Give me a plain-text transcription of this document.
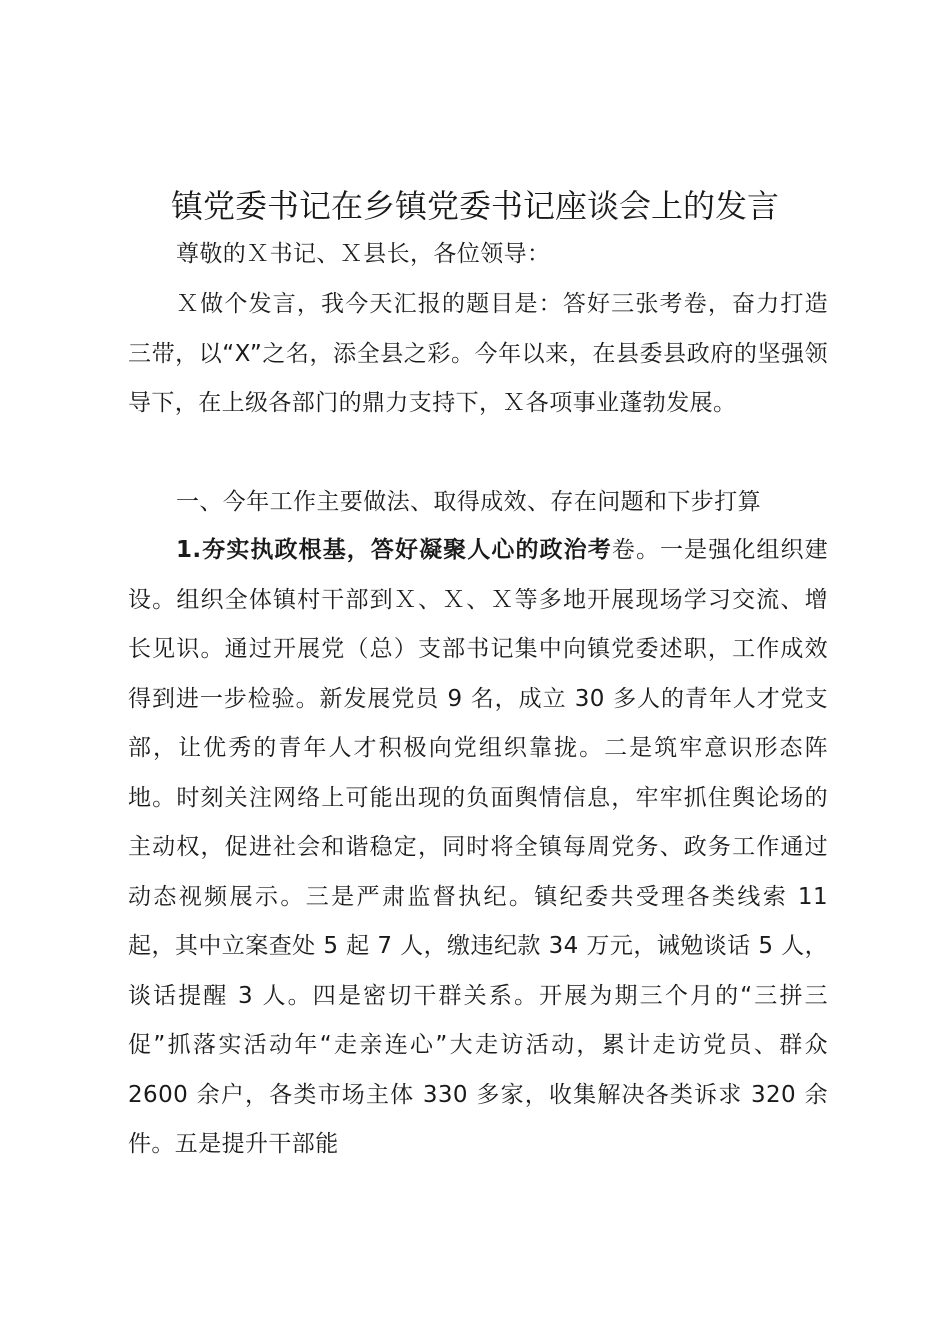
镇党委书记在乡镇党委书记座谈会上的发言
尊敬的Ｘ书记、Ｘ县长，各位领导：
Ｘ做个发言，我今天汇报的题目是：答好三张考卷，奋力打造三带，以“X”之名，添全县之彩。今年以来，在县委县政府的坚强领导下，在上级各部门的鼎力支持下，Ｘ各项事业蓬勃发展。
一、今年工作主要做法、取得成效、存在问题和下步打算
1.夯实执政根基，答好凝聚人心的政治考卷。一是强化组织建设。组织全体镇村干部到Ｘ、Ｘ、Ｘ等多地开展现场学习交流、增长见识。通过开展党（总）支部书记集中向镇党委述职，工作成效得到进一步检验。新发展党员 9 名，成立 30 多人的青年人才党支部，让优秀的青年人才积极向党组织靠拢。二是筑牢意识形态阵地。时刻关注网络上可能出现的负面舆情信息，牢牢抓住舆论场的主动权，促进社会和谐稳定，同时将全镇每周党务、政务工作通过动态视频展示。三是严肃监督执纪。镇纪委共受理各类线索 11 起，其中立案查处 5 起 7 人，缴违纪款 34 万元，诫勉谈话 5 人，谈话提醒 3 人。四是密切干群关系。开展为期三个月的“三拼三促”抓落实活动年“走亲连心”大走访活动，累计走访党员、群众 2600 余户，各类市场主体 330 多家，收集解决各类诉求 320 余件。五是提升干部能
